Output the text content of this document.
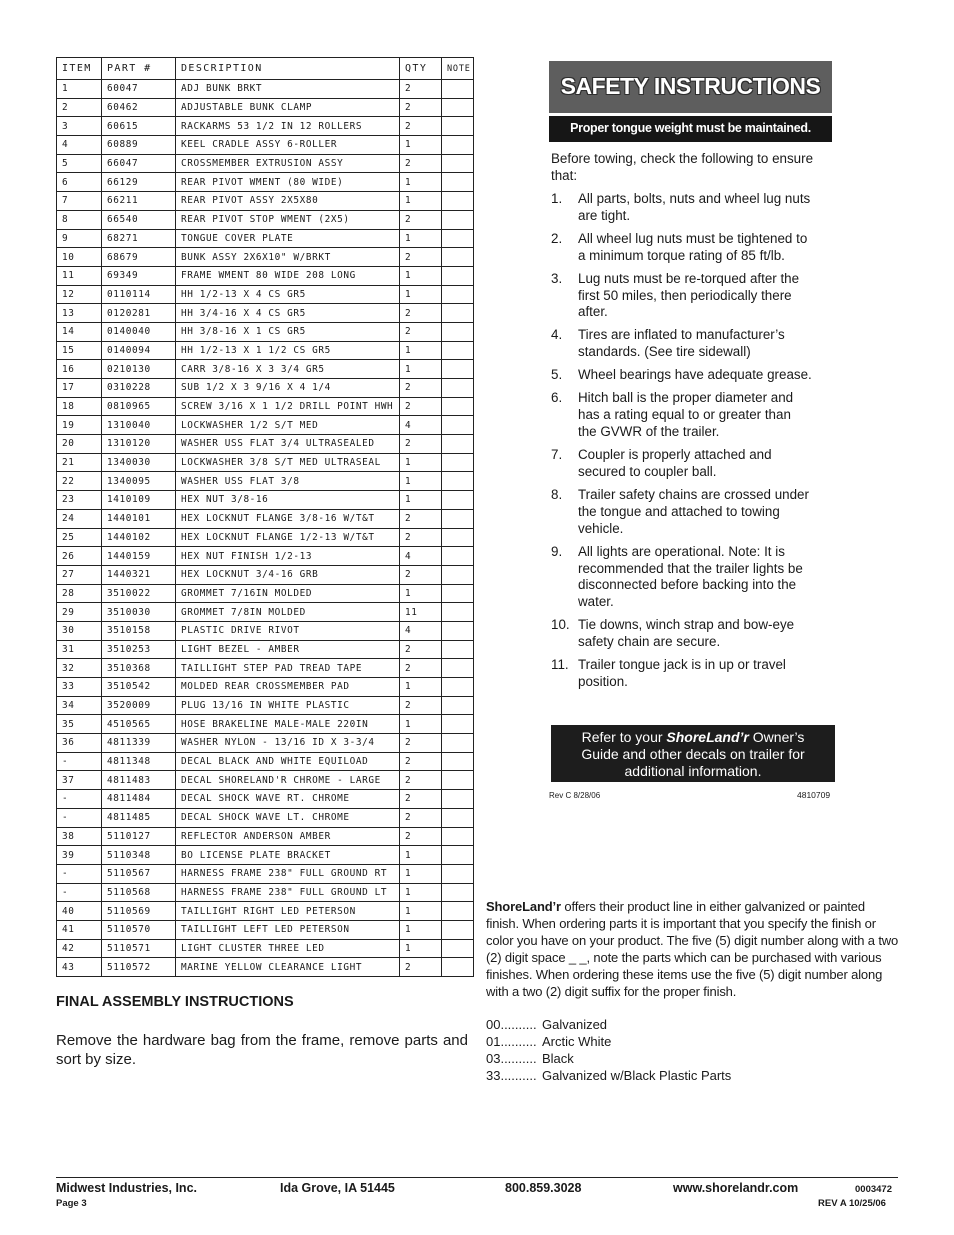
ITEM	PART #	DESCRIPTION	QTY	NOTE
1	60047	ADJ BUNK BRKT	2	
2	60462	ADJUSTABLE BUNK CLAMP	2	
3	60615	RACKARMS 53 1/2 IN 12 ROLLERS	2	
4	60889	KEEL CRADLE ASSY 6-ROLLER	1	
5	66047	CROSSMEMBER EXTRUSION ASSY	2	
6	66129	REAR PIVOT WMENT (80 WIDE)	1	
7	66211	REAR PIVOT ASSY 2X5X80	1	
8	66540	REAR PIVOT STOP WMENT (2X5)	2	
9	68271	TONGUE COVER PLATE	1	
10	68679	BUNK ASSY 2X6X10" W/BRKT	2	
11	69349	FRAME WMENT 80 WIDE 208 LONG	1	
12	0110114	HH 1/2-13 X 4 CS GR5	1	
13	0120281	HH 3/4-16 X 4 CS GR5	2	
14	0140040	HH 3/8-16 X 1 CS GR5	2	
15	0140094	HH 1/2-13 X 1 1/2 CS GR5	1	
16	0210130	CARR 3/8-16 X 3 3/4 GR5	1	
17	0310228	SUB 1/2 X 3 9/16 X 4 1/4	2	
18	0810965	SCREW 3/16 X 1 1/2 DRILL POINT HWH	2	
19	1310040	LOCKWASHER 1/2 S/T MED	4	
20	1310120	WASHER USS FLAT 3/4 ULTRASEALED	2	
21	1340030	LOCKWASHER 3/8 S/T MED ULTRASEAL	1	
22	1340095	WASHER USS FLAT 3/8	1	
23	1410109	HEX NUT 3/8-16	1	
24	1440101	HEX LOCKNUT FLANGE 3/8-16 W/T&T	2	
25	1440102	HEX LOCKNUT FLANGE 1/2-13 W/T&T	2	
26	1440159	HEX NUT FINISH 1/2-13	4	
27	1440321	HEX LOCKNUT 3/4-16 GRB	2	
28	3510022	GROMMET 7/16IN MOLDED	1	
29	3510030	GROMMET 7/8IN MOLDED	11	
30	3510158	PLASTIC DRIVE RIVOT	4	
31	3510253	LIGHT BEZEL - AMBER	2	
32	3510368	TAILLIGHT STEP PAD TREAD TAPE	2	
33	3510542	MOLDED REAR CROSSMEMBER PAD	1	
34	3520009	PLUG 13/16 IN WHITE PLASTIC	2	
35	4510565	HOSE BRAKELINE MALE-MALE 220IN	1	
36	4811339	WASHER NYLON - 13/16 ID X 3-3/4	2	
-	4811348	DECAL BLACK AND WHITE EQUILOAD	2	
37	4811483	DECAL SHORELAND'R CHROME - LARGE	2	
-	4811484	DECAL SHOCK WAVE RT. CHROME	2	
-	4811485	DECAL SHOCK WAVE LT. CHROME	2	
38	5110127	REFLECTOR ANDERSON AMBER	2	
39	5110348	BO LICENSE PLATE BRACKET	1	
-	5110567	HARNESS FRAME 238" FULL GROUND RT	1	
-	5110568	HARNESS FRAME 238" FULL GROUND LT	1	
40	5110569	TAILLIGHT RIGHT LED PETERSON	1	
41	5110570	TAILLIGHT LEFT LED PETERSON	1	
42	5110571	LIGHT CLUSTER THREE LED	1	
43	5110572	MARINE YELLOW CLEARANCE LIGHT	2	
FINAL ASSEMBLY INSTRUCTIONS
Remove the hardware bag from the frame, remove parts and sort by size.
SAFETY INSTRUCTIONS
Proper tongue weight must be maintained.
Before towing, check the following to ensure that:
1. All parts, bolts, nuts and wheel lug nuts are tight.
2. All wheel lug nuts must be tightened to a minimum torque rating of 85 ft/lb.
3. Lug nuts must be re-torqued after the first 50 miles, then periodically there after.
4. Tires are inflated to manufacturer’s standards. (See tire sidewall)
5. Wheel bearings have adequate grease.
6. Hitch ball is the proper diameter and has a rating equal to or greater than the GVWR of the trailer.
7. Coupler is properly attached and secured to coupler ball.
8. Trailer safety chains are crossed under the tongue and attached to towing vehicle.
9. All lights are operational. Note: It is recommended that the trailer lights be disconnected before backing into the water.
10. Tie downs, winch strap and bow-eye safety chain are secure.
11. Trailer tongue jack is in up or travel position.
Refer to your ShoreLand’r Owner’s
Guide and other decals on trailer for
additional information.
Rev C 8/28/06	4810709
ShoreLand’r offers their product line in either galvanized or painted finish. When ordering parts it is important that you specify the finish or color you have on your product. The five (5) digit number along with a two (2) digit space _ _, note the parts which can be purchased with various finishes. When ordering these items use the five (5) digit number along with a two (2) digit suffix for the proper finish.
00.......... Galvanized
01.......... Arctic White
03.......... Black
33.......... Galvanized w/Black Plastic Parts
Midwest Industries, Inc.
Page 3
Ida Grove, IA 51445	800.859.3028	www.shorelandr.com	0003472
REV A 10/25/06
